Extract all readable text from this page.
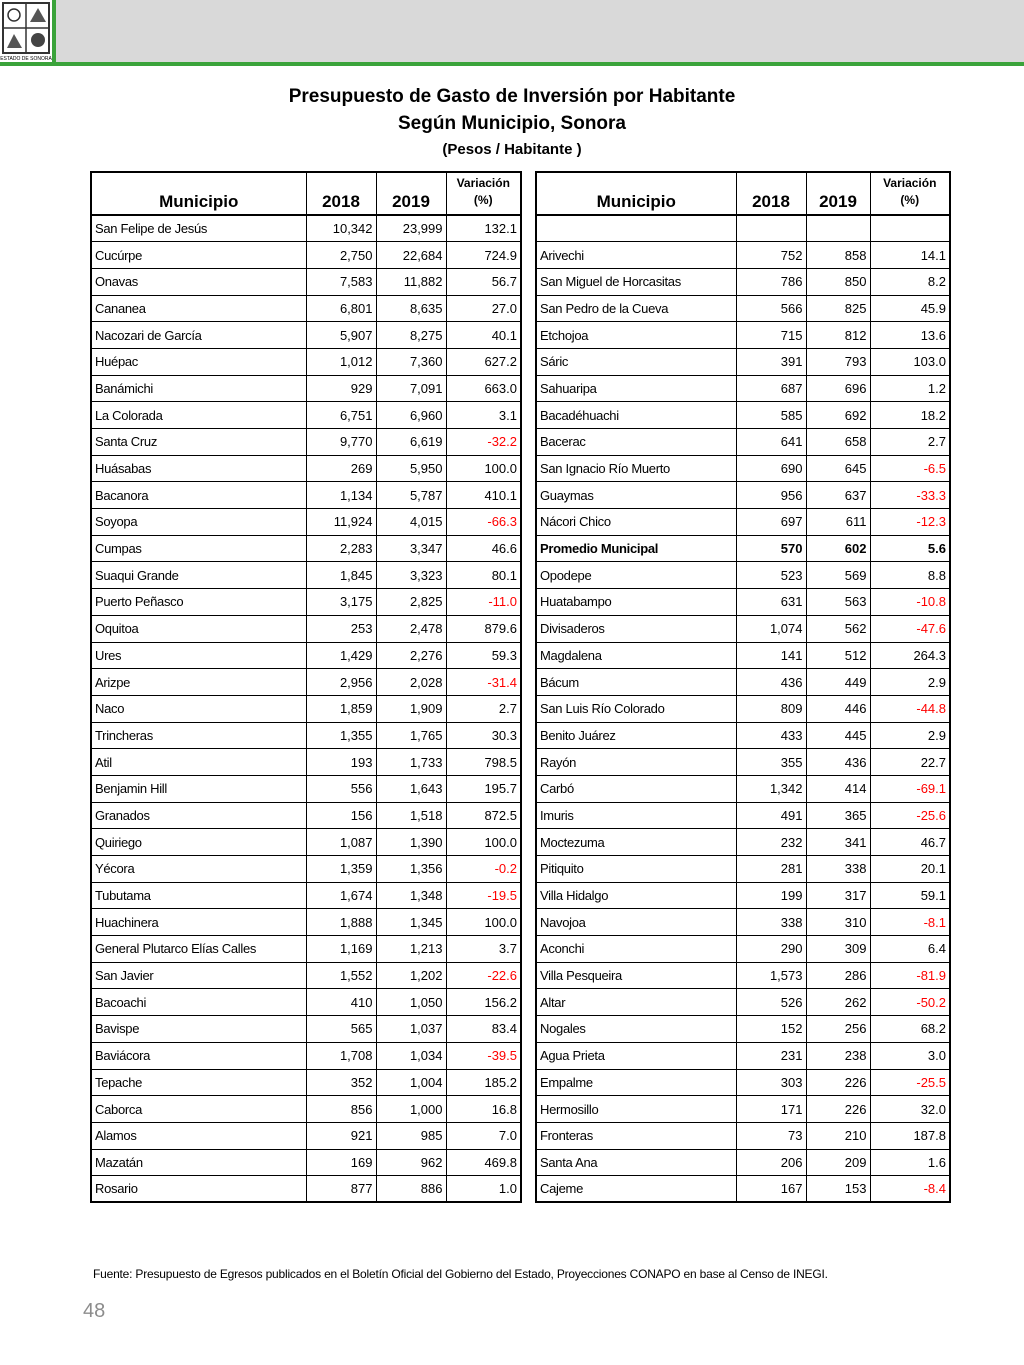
ESTADO DE SONORA
Presupuesto de Gasto de Inversión por Habitante
Según Municipio, Sonora
(Pesos / Habitante )
Municipio	2018	2019	Variación
(%)

San Felipe de Jesús	10,342	23,999	132.1
Cucúrpe	2,750	22,684	724.9
Onavas	7,583	11,882	56.7
Cananea	6,801	8,635	27.0
Nacozari de García	5,907	8,275	40.1
Huépac	1,012	7,360	627.2
Banámichi	929	7,091	663.0
La Colorada	6,751	6,960	3.1
Santa Cruz	9,770	6,619	-32.2
Huásabas	269	5,950	100.0
Bacanora	1,134	5,787	410.1
Soyopa	11,924	4,015	-66.3
Cumpas	2,283	3,347	46.6
Suaqui Grande	1,845	3,323	80.1
Puerto Peñasco	3,175	2,825	-11.0
Oquitoa	253	2,478	879.6
Ures	1,429	2,276	59.3
Arizpe	2,956	2,028	-31.4
Naco	1,859	1,909	2.7
Trincheras	1,355	1,765	30.3
Atil	193	1,733	798.5
Benjamin Hill	556	1,643	195.7
Granados	156	1,518	872.5
Quiriego	1,087	1,390	100.0
Yécora	1,359	1,356	-0.2
Tubutama	1,674	1,348	-19.5
Huachinera	1,888	1,345	100.0
General Plutarco Elías Calles	1,169	1,213	3.7
San Javier	1,552	1,202	-22.6
Bacoachi	410	1,050	156.2
Bavispe	565	1,037	83.4
Baviácora	1,708	1,034	-39.5
Tepache	352	1,004	185.2
Caborca	856	1,000	16.8
Alamos	921	985	7.0
Mazatán	169	962	469.8
Rosario	877	886	1.0
Municipio	2018	2019	Variación
(%)

Arivechi	752	858	14.1
San Miguel de Horcasitas	786	850	8.2
San Pedro de la Cueva	566	825	45.9
Etchojoa	715	812	13.6
Sáric	391	793	103.0
Sahuaripa	687	696	1.2
Bacadéhuachi	585	692	18.2
Bacerac	641	658	2.7
San Ignacio Río Muerto	690	645	-6.5
Guaymas	956	637	-33.3
Nácori Chico	697	611	-12.3
Promedio Municipal	570	602	5.6
Opodepe	523	569	8.8
Huatabampo	631	563	-10.8
Divisaderos	1,074	562	-47.6
Magdalena	141	512	264.3
Bácum	436	449	2.9
San Luis Río Colorado	809	446	-44.8
Benito Juárez	433	445	2.9
Rayón	355	436	22.7
Carbó	1,342	414	-69.1
Imuris	491	365	-25.6
Moctezuma	232	341	46.7
Pitiquito	281	338	20.1
Villa Hidalgo	199	317	59.1
Navojoa	338	310	-8.1
Aconchi	290	309	6.4
Villa Pesqueira	1,573	286	-81.9
Altar	526	262	-50.2
Nogales	152	256	68.2
Agua Prieta	231	238	3.0
Empalme	303	226	-25.5
Hermosillo	171	226	32.0
Fronteras	73	210	187.8
Santa Ana	206	209	1.6
Cajeme	167	153	-8.4
Fuente: Presupuesto de Egresos publicados en el Boletín Oficial del Gobierno del Estado, Proyecciones CONAPO en base al Censo de INEGI.
48
